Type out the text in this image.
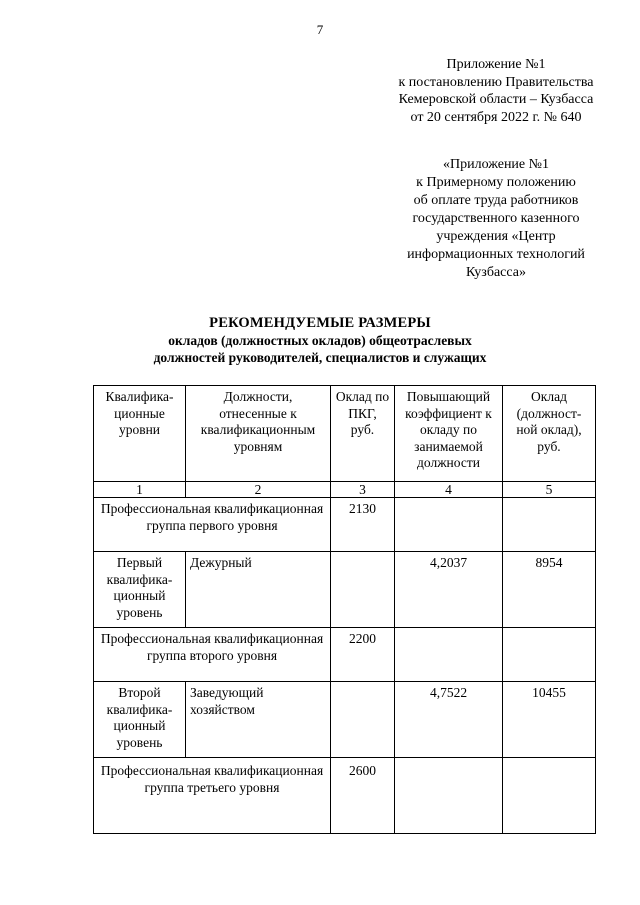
7
Приложение №1
к постановлению Правительства
Кемеровской области – Кузбасса
от 20 сентября 2022 г. № 640
«Приложение №1
к Примерному положению
об оплате труда работников
государственного казенного
учреждения «Центр
информационных технологий
Кузбасса»
РЕКОМЕНДУЕМЫЕ РАЗМЕРЫ
окладов (должностных окладов) общеотраслевых
должностей руководителей, специалистов и служащих
Квалифика-ционные уровни	Должности, отнесенные к квалификационным уровням	Оклад по ПКГ, руб.	Повышающий коэффициент к окладу по занимаемой должности	Оклад (должност-ной оклад), руб.
1	2	3	4	5
Профессиональная квалификационная группа первого уровня		2130		
Первый квалифика-ционный уровень	Дежурный		4,2037	8954
Профессиональная квалификационная группа второго уровня		2200		
Второй квалифика-ционный уровень	Заведующий хозяйством		4,7522	10455
Профессиональная квалификационная группа третьего уровня		2600		
